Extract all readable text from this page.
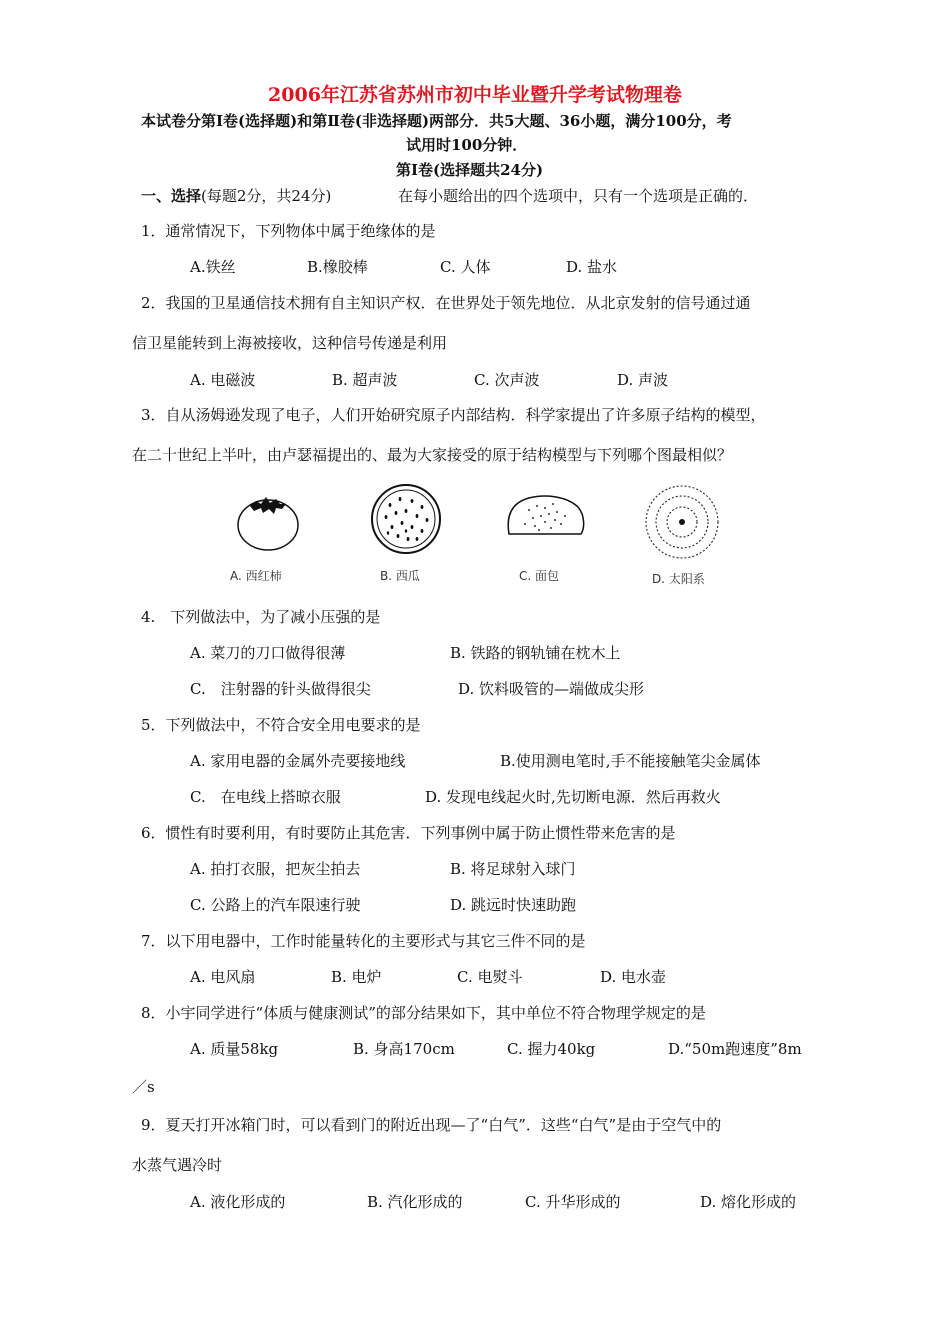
2006年江苏省苏州市初中毕业暨升学考试物理卷
本试卷分第Ⅰ卷(选择题)和第Ⅱ卷(非选择题)两部分．共5大题、36小题，满分100分，考
试用时100分钟．
第Ⅰ卷(选择题共24分)
一、选择(每题2分，共24分)	在每小题给出的四个选项中，只有一个选项是正确的．
1．通常情况下，下列物体中属于绝缘体的是
A.铁丝	B.橡胶棒	C. 人体	D. 盐水
2．我国的卫星通信技术拥有自主知识产权．在世界处于领先地位．从北京发射的信号通过通
信卫星能转到上海被接收，这种信号传递是利用
A. 电磁波	B. 超声波	C. 次声波	D. 声波
3．自从汤姆逊发现了电子，人们开始研究原子内部结构．科学家提出了许多原子结构的模型，
在二十世纪上半叶，由卢瑟福提出的、最为大家接受的原于结构模型与下列哪个图最相似？
A. 西红柿	B. 西瓜	C. 面包	D. 太阳系
4.　下列做法中，为了减小压强的是
A. 菜刀的刀口做得很薄	B. 铁路的钢轨铺在枕木上
C.　注射器的针头做得很尖	D. 饮料吸管的—端做成尖形
5．下列做法中，不符合安全用电要求的是
A. 家用电器的金属外壳要接地线	B.使用测电笔时,手不能接触笔尖金属体
C.　在电线上搭晾衣服	D. 发现电线起火时,先切断电源．然后再救火
6．惯性有时要利用，有时要防止其危害．下列事例中属于防止惯性带来危害的是
A. 拍打衣服，把灰尘拍去	B. 将足球射入球门
C. 公路上的汽车限速行驶	D. 跳远时快速助跑
7．以下用电器中，工作时能量转化的主要形式与其它三件不同的是
A. 电风扇	B. 电炉	C. 电熨斗	D. 电水壶
8．小宇同学进行“体质与健康测试”的部分结果如下，其中单位不符合物理学规定的是
A. 质量58kg	B. 身高170cm	C. 握力40kg	D.“50m跑速度”8m
／s
9．夏天打开冰箱门时，可以看到门的附近出现—了“白气”．这些“白气”是由于空气中的
水蒸气遇冷时
A. 液化形成的	B. 汽化形成的	C. 升华形成的	D. 熔化形成的
